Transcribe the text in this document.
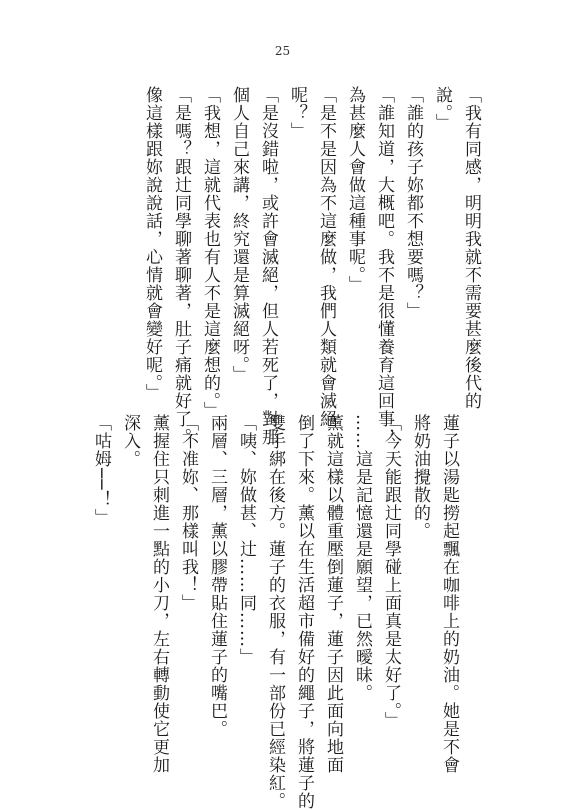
25
「我有同感，明明我就不需要甚麼後代的
說。」
「誰的孩子妳都不想要嗎？」
「誰知道，大概吧。我不是很懂養育這回事，
為甚麼人會做這種事呢。」
「是不是因為不這麼做，我們人類就會滅絕
呢？」
「是沒錯啦，或許會滅絕，但人若死了，對那
個人自己來講，終究還是算滅絕呀。」
「我想，這就代表也有人不是這麼想的。」
「是嗎？跟辻同學聊著聊著，肚子痛就好了。
像這樣跟妳說說話，心情就會變好呢。」
蓮子以湯匙撈起飄在咖啡上的奶油。她是不會
將奶油攪散的。
「今天能跟辻同學碰上面真是太好了。」
……這是記憶還是願望，已然曖昧。
薰就這樣以體重壓倒蓮子，蓮子因此面向地面
倒了下來。薰以在生活超市備好的繩子，將蓮子的
雙手綁在後方。蓮子的衣服，有一部份已經染紅。
「咦、妳做甚、辻……同……」
兩層、三層，薰以膠帶貼住蓮子的嘴巴。
「不准妳、那樣叫我！」
薰握住只刺進一點的小刀，左右轉動使它更加
深入。
「咕姆──！」
